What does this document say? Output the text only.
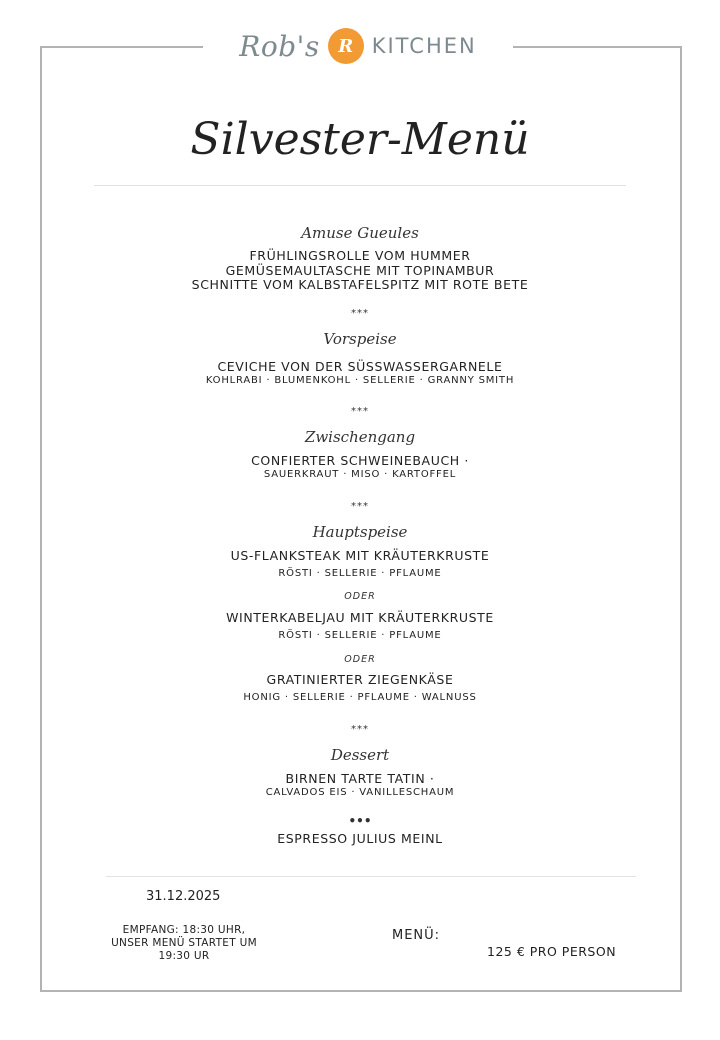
Rob's R KITCHEN
Silvester-Menü
Amuse Gueules
FRÜHLINGSROLLE VOM HUMMER
GEMÜSEMAULTASCHE MIT TOPINAMBUR
SCHNITTE VOM KALBSTAFELSPITZ MIT ROTE BETE
***
Vorspeise
CEVICHE VON DER SÜSSWASSERGARNELE
KOHLRABI · BLUMENKOHL · SELLERIE · GRANNY SMITH
***
Zwischengang
CONFIERTER SCHWEINEBAUCH ·
SAUERKRAUT · MISO · KARTOFFEL
***
Hauptspeise
US-FLANKSTEAK MIT KRÄUTERKRUSTE
RÖSTI · SELLERIE · PFLAUME
ODER
WINTERKABELJAU MIT KRÄUTERKRUSTE
RÖSTI · SELLERIE · PFLAUME
ODER
GRATINIERTER ZIEGENKÄSE
HONIG · SELLERIE · PFLAUME · WALNUSS
***
Dessert
BIRNEN TARTE TATIN ·
CALVADOS EIS · VANILLESCHAUM
•••
ESPRESSO JULIUS MEINL
31.12.2025
EMPFANG: 18:30 UHR,
UNSER MENÜ STARTET UM
19:30 UR
MENÜ:
125 € PRO PERSON
